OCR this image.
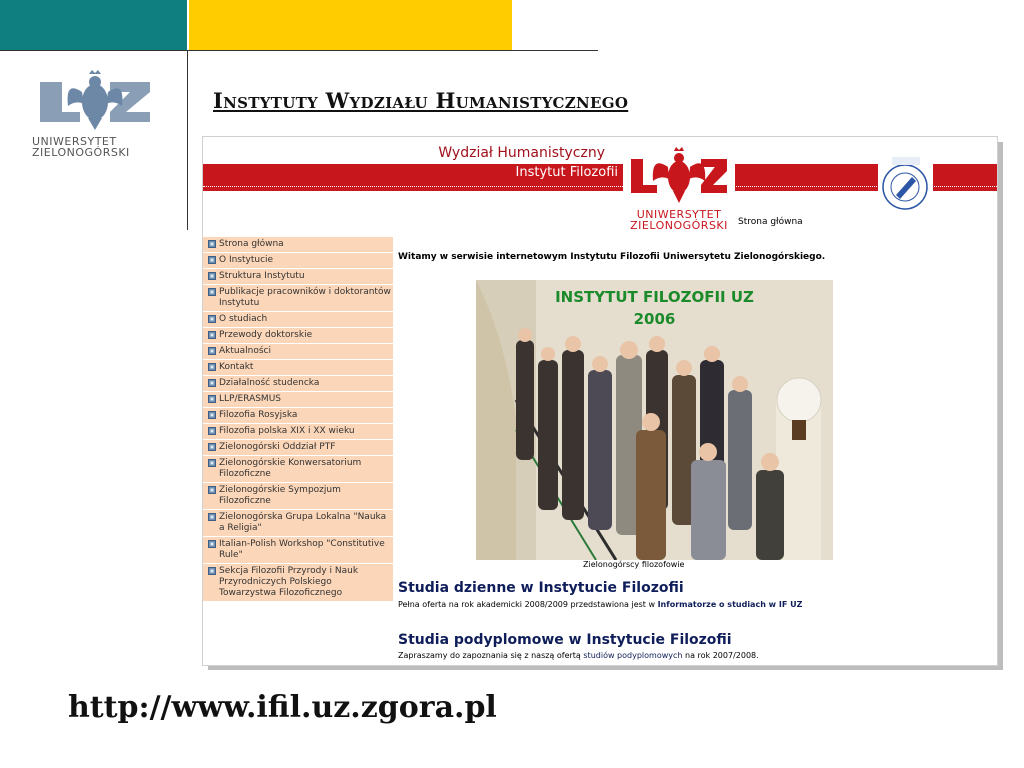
UNIWERSYTET
ZIELONOGÓRSKI
Instytuty Wydziału Humanistycznego
Wydział Humanistyczny
Instytut Filozofii
UNIWERSYTET
ZIELONOGÓRSKI	Strona główna
Strona główna
O Instytucie
Struktura Instytutu
Publikacje pracowników i doktorantów Instytutu
O studiach
Przewody doktorskie
Aktualności
Kontakt
Działalność studencka
LLP/ERASMUS
Filozofia Rosyjska
Filozofia polska XIX i XX wieku
Zielonogórski Oddział PTF
Zielonogórskie Konwersatorium Filozoficzne
Zielonogórskie Sympozjum Filozoficzne
Zielonogórska Grupa Lokalna "Nauka a Religia"
Italian-Polish Workshop "Constitutive Rule"
Sekcja Filozofii Przyrody i Nauk Przyrodniczych Polskiego Towarzystwa Filozoficznego
Witamy w serwisie internetowym Instytutu Filozofii Uniwersytetu Zielonogórskiego.
INSTYTUT FILOZOFII UZ
2006
Zielonogórscy filozofowie
Studia dzienne w Instytucie Filozofii
Pełna oferta na rok akademicki 2008/2009 przedstawiona jest w Informatorze o studiach w IF UZ
Studia podyplomowe w Instytucie Filozofii
Zapraszamy do zapoznania się z naszą ofertą studiów podyplomowych na rok 2007/2008.
http://www.ifil.uz.zgora.pl
